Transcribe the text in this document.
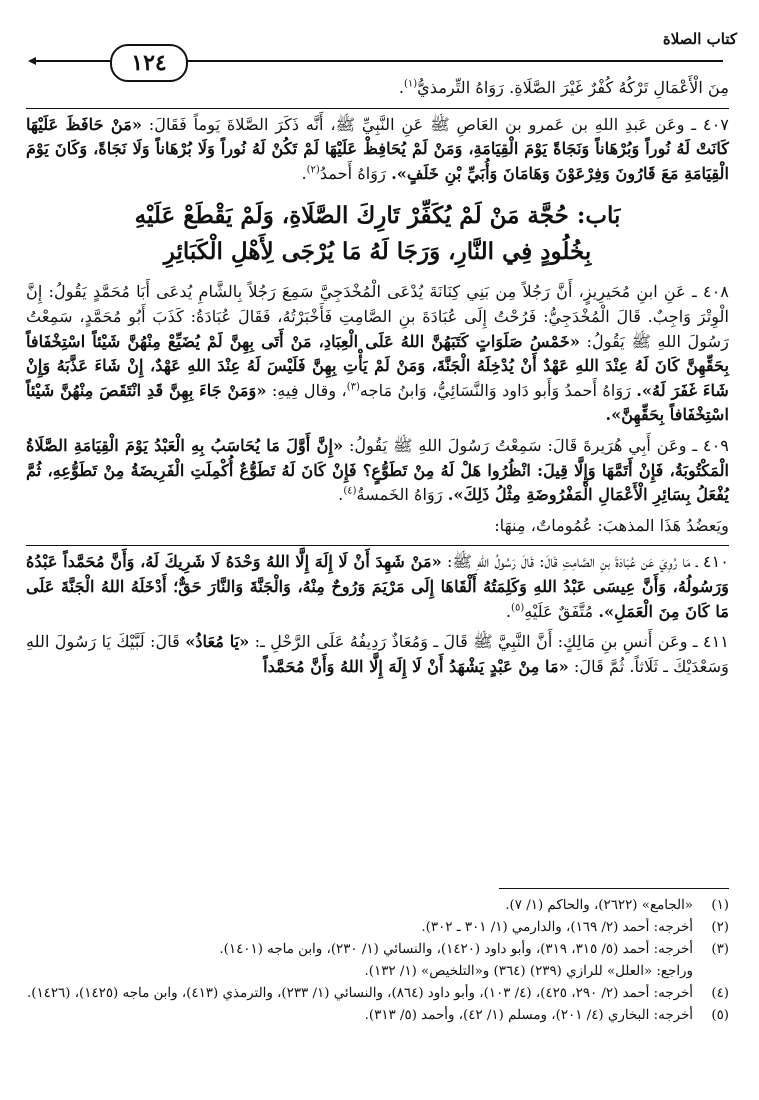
كتاب الصلاة
١٢٤

مِنَ الْأَعْمَالِ تَرْكُهُ كُفْرٌ غَيْرَ الصَّلَاةِ. رَوَاهُ التِّرمذيُّ$^{(١)}$.

٤٠٧ ـ وعَن عَبدِ اللهِ بن عَمرو بن العَاصِ ﷺ عَنِ النَّبِيِّ ﷺ، أَنَّه ذَكَرَ الصَّلاةَ يَوماً فَقَالَ: «مَنْ حَافَظَ عَلَيْهَا كَانَتْ لَهُ نُوراً وَبُرْهَاناً وَنَجَاةً يَوْمَ الْقِيَامَةِ، وَمَنْ لَمْ يُحَافِظْ عَلَيْهَا لَمْ تَكُنْ لَهُ نُوراً وَلَا بُرْهَاناً وَلَا نَجَاةً، وَكَانَ يَوْمَ الْقِيَامَةِ مَعَ قَارُونَ وَفِرْعَوْنَ وَهَامَانَ وَأُبَيِّ بْنِ خَلَفٍ». رَوَاهُ أَحمدُ$^{(٢)}$.

بَاب: حُجَّة مَنْ لَمْ يُكَفِّرْ تَارِكَ الصَّلَاةِ، وَلَمْ يَقْطَعْ عَلَيْهِ
بِخُلُودٍ فِي النَّارِ، وَرَجَا لَهُ مَا يُرْجَى لِأَهْلِ الْكَبَائِرِ

٤٠٨ ـ عَنِ ابنِ مُحَيرِيزٍ، أَنَّ رَجُلاً مِن بَنِي كِنَانَةَ يُدْعَى الْمُخْدَجِيَّ سَمِعَ رَجُلاً بِالشَّامِ يُدعَى أَبَا مُحَمَّدٍ يَقُولُ: إِنَّ الْوِتْرَ وَاجِبٌ. قَالَ الْمُخْدَجِيُّ: فَرُحْتُ إِلَى عُبَادَةَ بنِ الصَّامِتِ فَأَخْبَرْتُهُ، فَقَالَ عُبَادَةُ: كَذَبَ أَبُو مُحَمَّدٍ، سَمِعْتُ رَسُولَ اللهِ ﷺ يَقُولُ: «خَمْسُ صَلَوَاتٍ كَتَبَهُنَّ اللهُ عَلَى الْعِبَادِ، مَنْ أَتَى بِهِنَّ لَمْ يُضَيِّعْ مِنْهُنَّ شَيْئاً اسْتِخْفَافاً بِحَقِّهِنَّ كَانَ لَهُ عِنْدَ اللهِ عَهْدٌ أَنْ يُدْخِلَهُ الْجَنَّةَ، وَمَنْ لَمْ يَأْتِ بِهِنَّ فَلَيْسَ لَهُ عِنْدَ اللهِ عَهْدٌ، إِنْ شَاءَ عَذَّبَهُ وَإِنْ شَاءَ غَفَرَ لَهُ». رَوَاهُ أَحمدُ وَأَبو دَاود وَالنَّسَائِيُّ، وَابنُ مَاجه$^{(٣)}$، وقال فِيهِ: «وَمَنْ جَاءَ بِهِنَّ قَدِ انْتَقَصَ مِنْهُنَّ شَيْئاً اسْتِخْفَافاً بِحَقِّهِنَّ».

٤٠٩ ـ وعَن أَبِي هُرَيرةَ قَالَ: سَمِعْتُ رَسُولَ اللهِ ﷺ يَقُولُ: «إِنَّ أَوَّلَ مَا يُحَاسَبُ بِهِ الْعَبْدُ يَوْمَ الْقِيَامَةِ الصَّلَاةُ الْمَكْتُوبَةُ، فَإِنْ أَتَمَّهَا وَإِلَّا قِيلَ: انْظُرُوا هَلْ لَهُ مِنْ تَطَوُّعٍ؟ فَإِنْ كَانَ لَهُ تَطَوُّعٌ أُكْمِلَتِ الْفَرِيضَةُ مِنْ تَطَوُّعِهِ، ثُمَّ يُفْعَلُ بِسَائِرِ الْأَعْمَالِ الْمَفْرُوضَةِ مِثْلُ ذَلِكَ». رَوَاهُ الخَمسةُ$^{(٤)}$.

ويَعضُدُ هَذَا المذهبَ: عُمُوماتٌ، مِنهَا:

٤١٠ ـ مَا رُوِيَ عَن عُبَادَةَ بنِ الصَّامِتِ قَالَ: قَالَ رَسُولُ اللهِ ﷺ: «مَنْ شَهِدَ أَنْ لَا إِلَهَ إِلَّا اللهُ وَحْدَهُ لَا شَرِيكَ لَهُ، وَأَنَّ مُحَمَّداً عَبْدُهُ وَرَسُولُهُ، وَأَنَّ عِيسَى عَبْدُ اللهِ وَكَلِمَتُهُ أَلْقَاهَا إِلَى مَرْيَمَ وَرُوحٌ مِنْهُ، وَالْجَنَّةَ وَالنَّارَ حَقٌّ؛ أَدْخَلَهُ اللهُ الْجَنَّةَ عَلَى مَا كَانَ مِنَ الْعَمَلِ». مُتَّفَقٌ عَلَيْهِ$^{(٥)}$.

٤١١ ـ وعَن أَنسِ بنِ مَالِكٍ: أَنَّ النَّبِيَّ ﷺ قَالَ ـ وَمُعَاذٌ رَدِيفُهُ عَلَى الرَّحْلِ ـ: «يَا مُعَاذُ» قَالَ: لَبَّيْكَ يَا رَسُولَ اللهِ وَسَعْدَيْكَ ـ ثَلَاثاً. ثُمَّ قَالَ: «مَا مِنْ عَبْدٍ يَشْهَدُ أَنْ لَا إِلَهَ إِلَّا اللهُ وَأَنَّ مُحَمَّداً

(١)
«الجامع» (٢٦٢٢)، والحاكم (١/ ٧).
(٢)
أخرجه: أحمد (٢/ ١٦٩)، والدارمي (١/ ٣٠١ ـ ٣٠٢).
(٣)
أخرجه: أحمد (٥/ ٣١٥، ٣١٩)، وأبو داود (١٤٢٠)، والنسائي (١/ ٢٣٠)، وابن ماجه (١٤٠١).
وراجع: «العلل» للرازي (٢٣٩) (٣٦٤) و«التلخيص» (١/ ١٣٢).
(٤)
أخرجه: أحمد (٢/ ٢٩٠، ٤٢٥)، (٤/ ١٠٣)، وأبو داود (٨٦٤)، والنسائي (١/ ٢٣٣)، والترمذي (٤١٣)، وابن ماجه (١٤٢٥)، (١٤٢٦).
(٥)
أخرجه: البخاري (٤/ ٢٠١)، ومسلم (١/ ٤٢)، وأحمد (٥/ ٣١٣).
